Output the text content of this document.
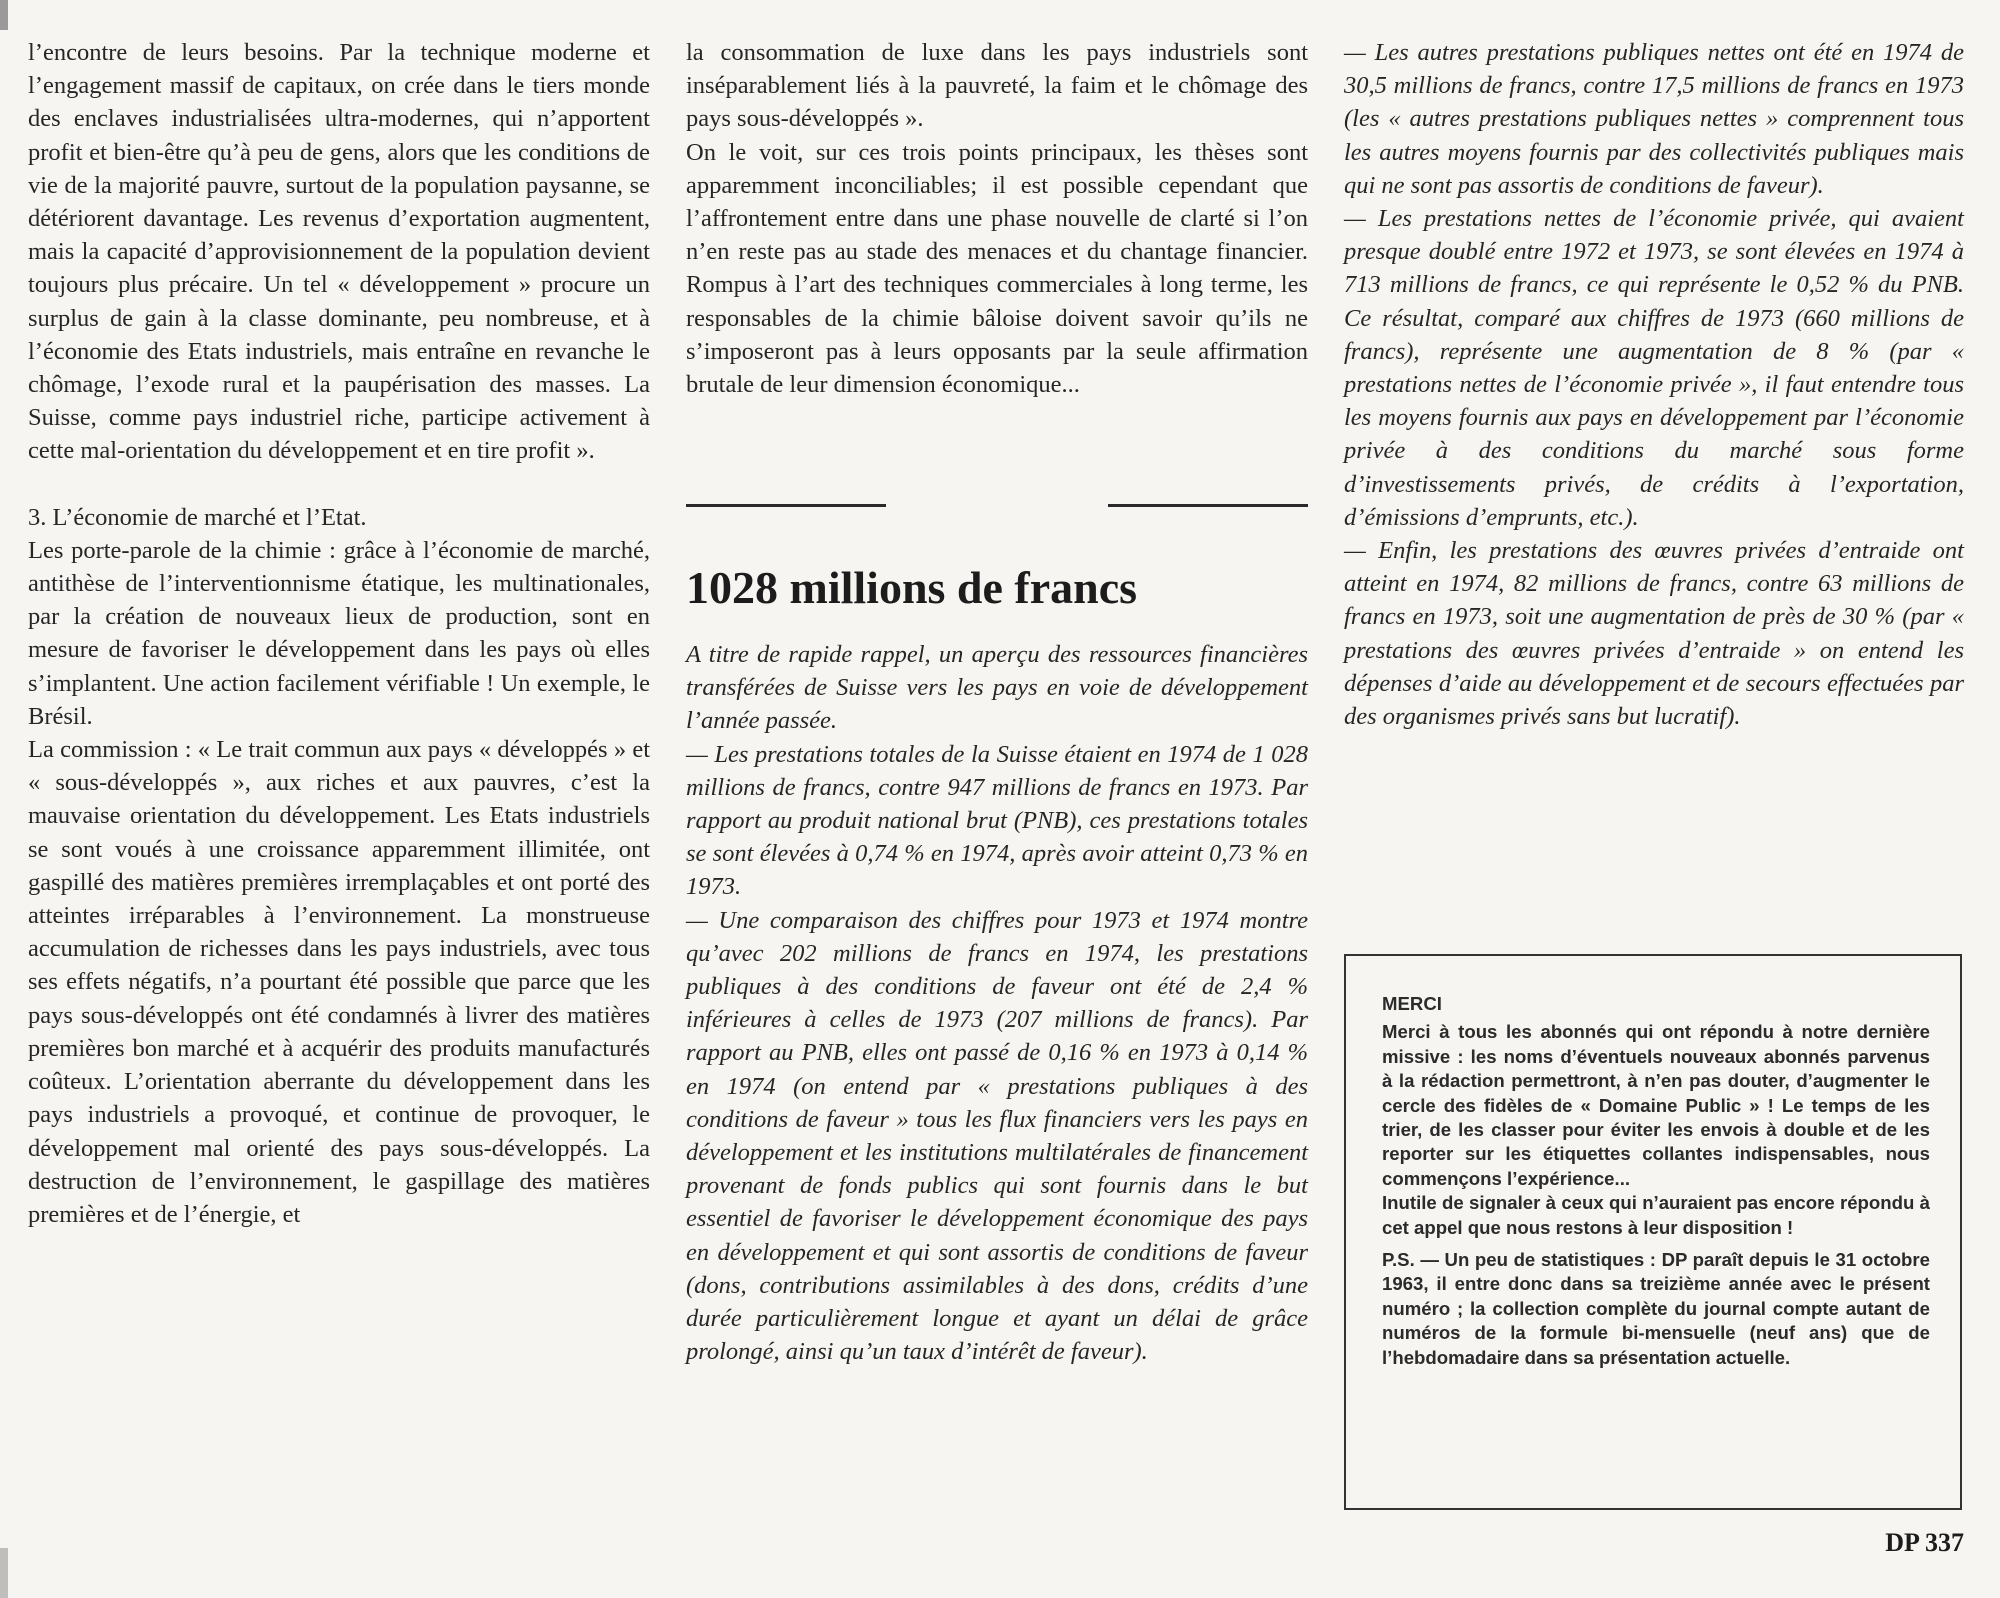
l’encontre de leurs besoins. Par la technique moderne et l’engagement massif de capitaux, on crée dans le tiers monde des enclaves industrialisées ultra-modernes, qui n’apportent profit et bien-être qu’à peu de gens, alors que les conditions de vie de la majorité pauvre, surtout de la population paysanne, se détériorent davantage. Les revenus d’exportation augmentent, mais la capacité d’approvisionnement de la population devient toujours plus précaire. Un tel « développement » procure un surplus de gain à la classe dominante, peu nombreuse, et à l’économie des Etats industriels, mais entraîne en revanche le chômage, l’exode rural et la paupérisation des masses. La Suisse, comme pays industriel riche, participe activement à cette mal-orientation du développement et en tire profit ».

3. L’économie de marché et l’Etat.

Les porte-parole de la chimie : grâce à l’économie de marché, antithèse de l’interventionnisme étatique, les multinationales, par la création de nouveaux lieux de production, sont en mesure de favoriser le développement dans les pays où elles s’implantent. Une action facilement vérifiable ! Un exemple, le Brésil.

La commission : « Le trait commun aux pays « développés » et « sous-développés », aux riches et aux pauvres, c’est la mauvaise orientation du développement. Les Etats industriels se sont voués à une croissance apparemment illimitée, ont gaspillé des matières premières irremplaçables et ont porté des atteintes irréparables à l’environnement. La monstrueuse accumulation de richesses dans les pays industriels, avec tous ses effets négatifs, n’a pourtant été possible que parce que les pays sous-développés ont été condamnés à livrer des matières premières bon marché et à acquérir des produits manufacturés coûteux. L’orientation aberrante du développement dans les pays industriels a provoqué, et continue de provoquer, le développement mal orienté des pays sous-développés. La destruction de l’environnement, le gaspillage des matières premières et de l’énergie, et

la consommation de luxe dans les pays industriels sont inséparablement liés à la pauvreté, la faim et le chômage des pays sous-développés ».

On le voit, sur ces trois points principaux, les thèses sont apparemment inconciliables; il est possible cependant que l’affrontement entre dans une phase nouvelle de clarté si l’on n’en reste pas au stade des menaces et du chantage financier. Rompus à l’art des techniques commerciales à long terme, les responsables de la chimie bâloise doivent savoir qu’ils ne s’imposeront pas à leurs opposants par la seule affirmation brutale de leur dimension économique...

1028 millions de francs

A titre de rapide rappel, un aperçu des ressources financières transférées de Suisse vers les pays en voie de développement l’année passée.

— Les prestations totales de la Suisse étaient en 1974 de 1 028 millions de francs, contre 947 millions de francs en 1973. Par rapport au produit national brut (PNB), ces prestations totales se sont élevées à 0,74 % en 1974, après avoir atteint 0,73 % en 1973.

— Une comparaison des chiffres pour 1973 et 1974 montre qu’avec 202 millions de francs en 1974, les prestations publiques à des conditions de faveur ont été de 2,4 % inférieures à celles de 1973 (207 millions de francs). Par rapport au PNB, elles ont passé de 0,16 % en 1973 à 0,14 % en 1974 (on entend par « prestations publiques à des conditions de faveur » tous les flux financiers vers les pays en développement et les institutions multilatérales de financement provenant de fonds publics qui sont fournis dans le but essentiel de favoriser le développement économique des pays en développement et qui sont assortis de conditions de faveur (dons, contributions assimilables à des dons, crédits d’une durée particulièrement longue et ayant un délai de grâce prolongé, ainsi qu’un taux d’intérêt de faveur).

— Les autres prestations publiques nettes ont été en 1974 de 30,5 millions de francs, contre 17,5 millions de francs en 1973 (les « autres prestations publiques nettes » comprennent tous les autres moyens fournis par des collectivités publiques mais qui ne sont pas assortis de conditions de faveur).

— Les prestations nettes de l’économie privée, qui avaient presque doublé entre 1972 et 1973, se sont élevées en 1974 à 713 millions de francs, ce qui représente le 0,52 % du PNB. Ce résultat, comparé aux chiffres de 1973 (660 millions de francs), représente une augmentation de 8 % (par « prestations nettes de l’économie privée », il faut entendre tous les moyens fournis aux pays en développement par l’économie privée à des conditions du marché sous forme d’investissements privés, de crédits à l’exportation, d’émissions d’emprunts, etc.).

— Enfin, les prestations des œuvres privées d’entraide ont atteint en 1974, 82 millions de francs, contre 63 millions de francs en 1973, soit une augmentation de près de 30 % (par « prestations des œuvres privées d’entraide » on entend les dépenses d’aide au développement et de secours effectuées par des organismes privés sans but lucratif).

MERCI

Merci à tous les abonnés qui ont répondu à notre dernière missive : les noms d’éventuels nouveaux abonnés parvenus à la rédaction permettront, à n’en pas douter, d’augmenter le cercle des fidèles de « Domaine Public » ! Le temps de les trier, de les classer pour éviter les envois à double et de les reporter sur les étiquettes collantes indispensables, nous commençons l’expérience...

Inutile de signaler à ceux qui n’auraient pas encore répondu à cet appel que nous restons à leur disposition !

P.S. — Un peu de statistiques : DP paraît depuis le 31 octobre 1963, il entre donc dans sa treizième année avec le présent numéro ; la collection complète du journal compte autant de numéros de la formule bi-mensuelle (neuf ans) que de l’hebdomadaire dans sa présentation actuelle.

DP 337
